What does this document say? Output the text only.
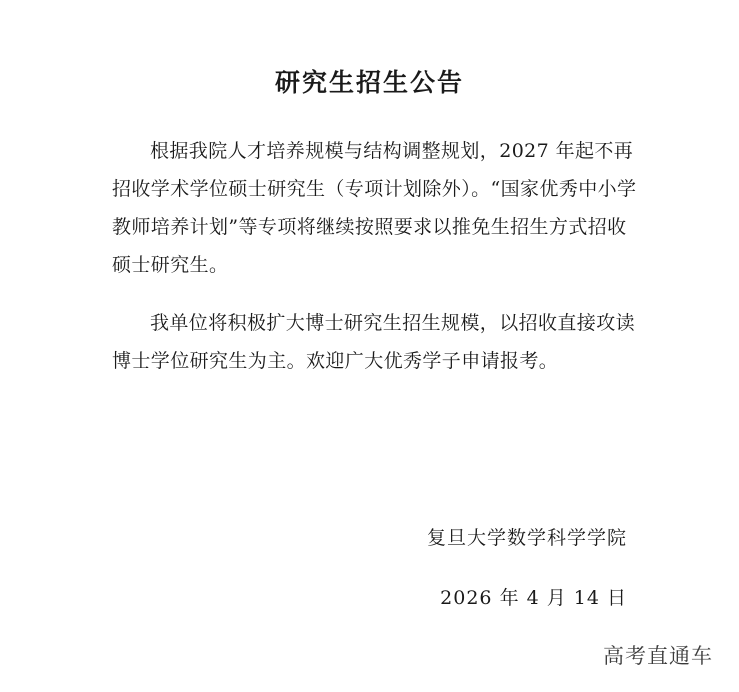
研究生招生公告

根据我院人才培养规模与结构调整规划，2027 年起不再招收学术学位硕士研究生（专项计划除外）。“国家优秀中小学教师培养计划”等专项将继续按照要求以推免生招生方式招收硕士研究生。

我单位将积极扩大博士研究生招生规模，以招收直接攻读博士学位研究生为主。欢迎广大优秀学子申请报考。

复旦大学数学科学学院
2026 年 4 月 14 日
高考直通车
